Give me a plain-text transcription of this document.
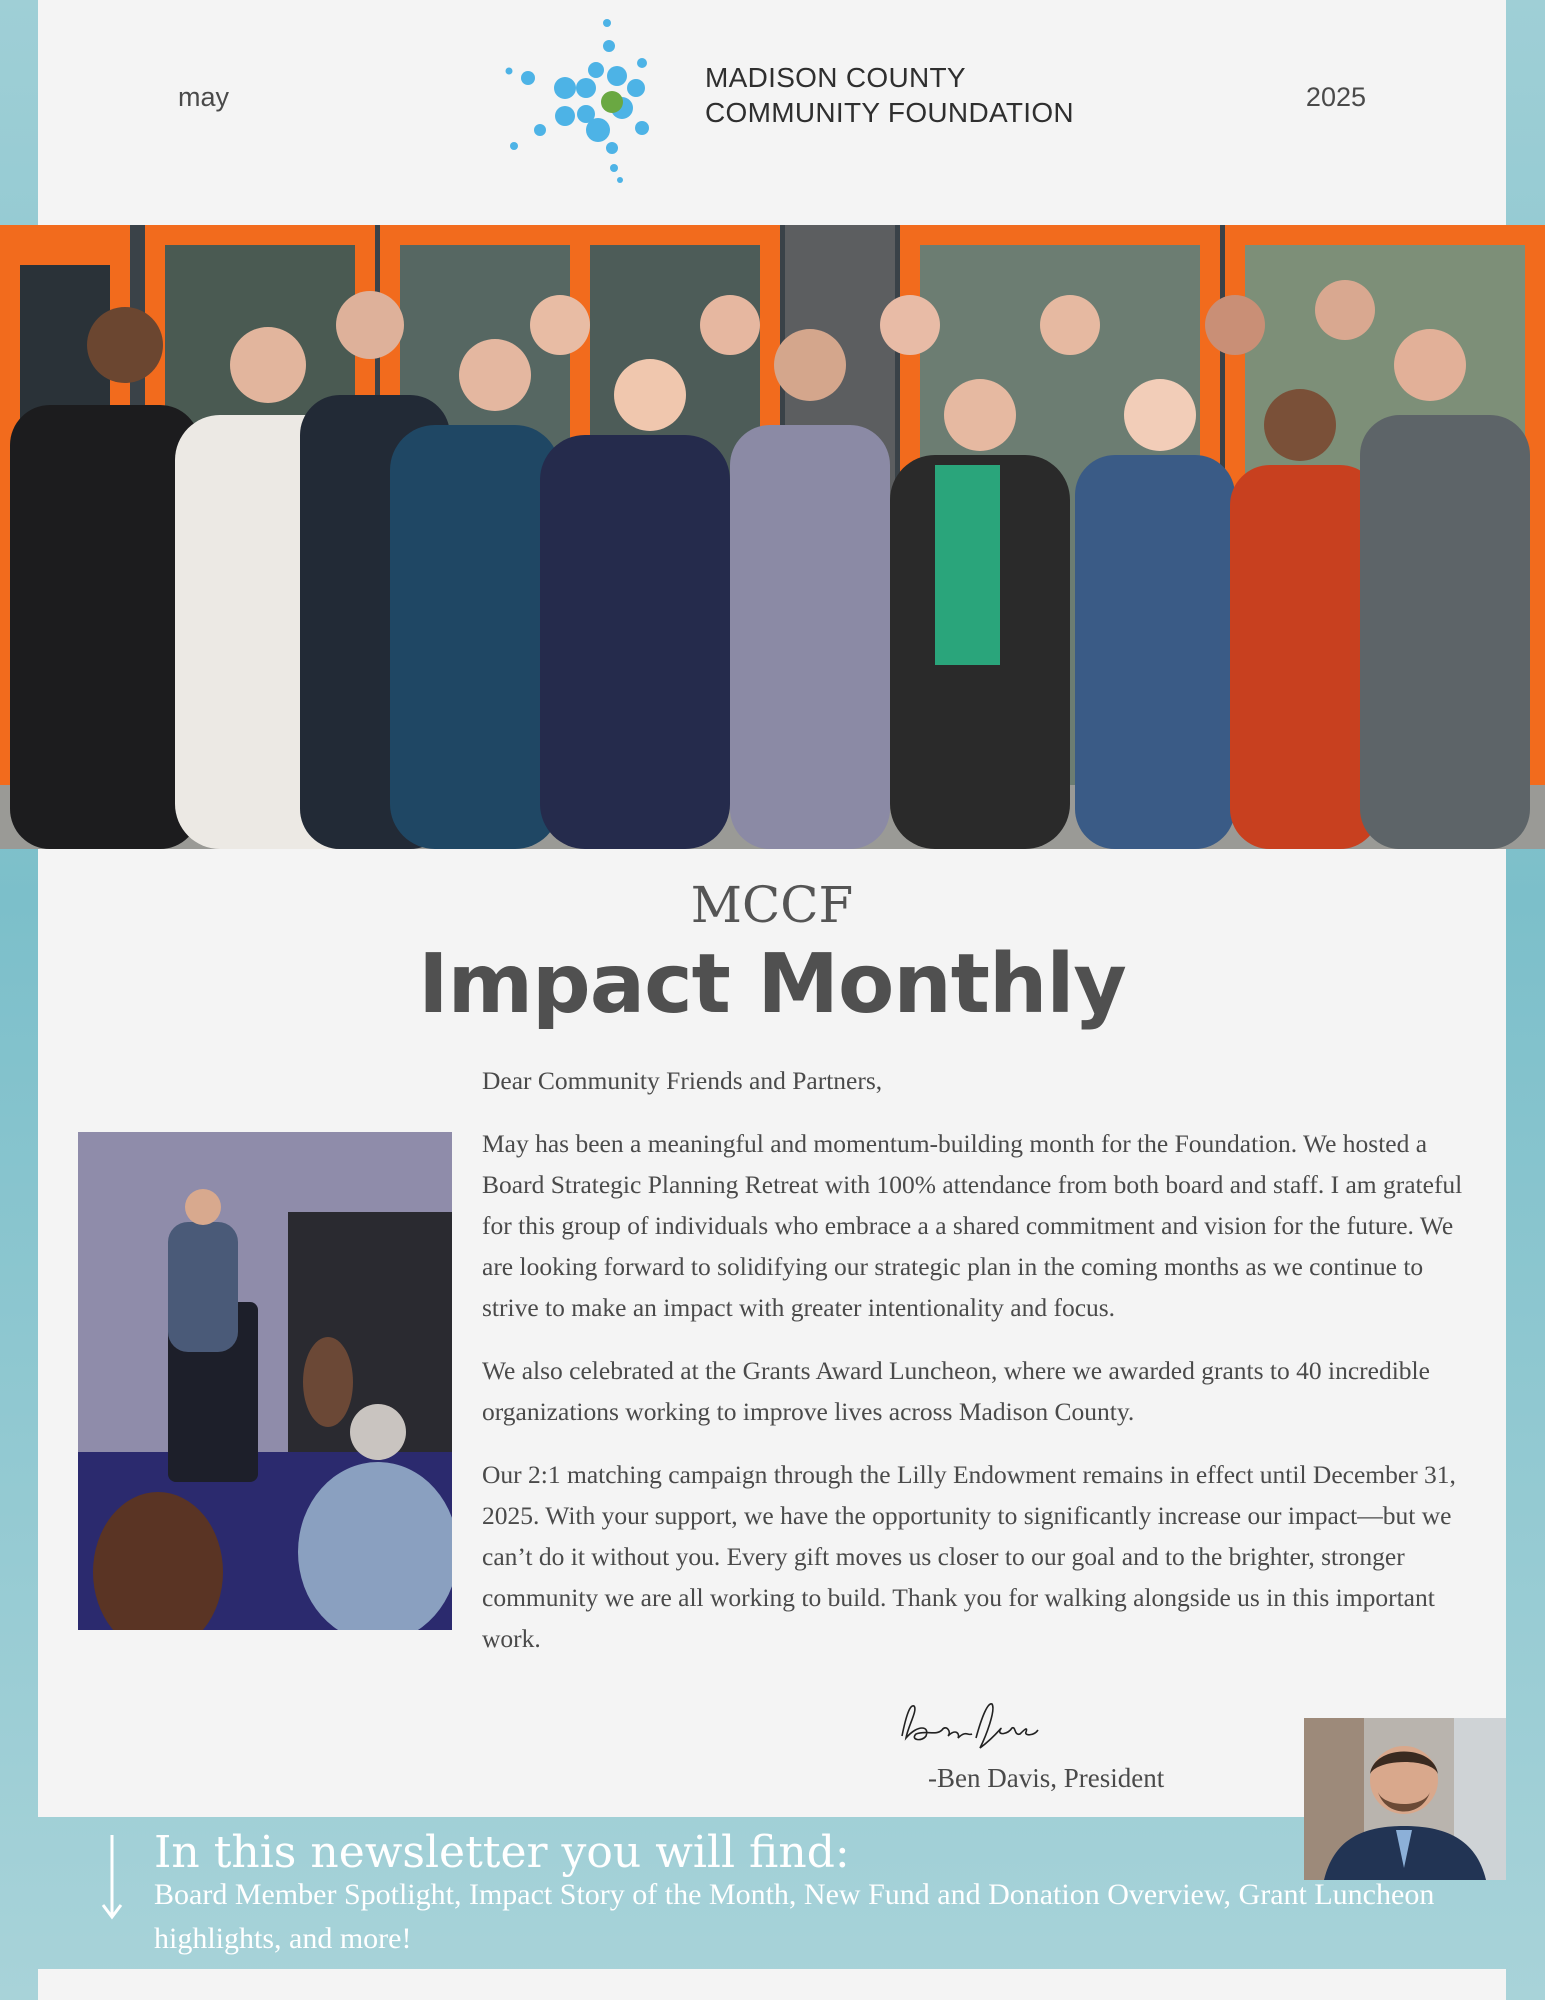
may
MADISON COUNTY
COMMUNITY FOUNDATION	2025
MCCF
Impact Monthly

Dear Community Friends and Partners,

May has been a meaningful and momentum-building month for the Foundation. We hosted a Board Strategic Planning Retreat with 100% attendance from both board and staff. I am grateful for this group of individuals who embrace a a shared commitment and vision for the future. We are looking forward to solidifying our strategic plan in the coming months as we continue to strive to make an impact with greater intentionality and focus.

We also celebrated at the Grants Award Luncheon, where we awarded grants to 40 incredible organizations working to improve lives across Madison County.

Our 2:1 matching campaign through the Lilly Endowment remains in effect until December 31, 2025. With your support, we have the opportunity to significantly increase our impact—but we can’t do it without you. Every gift moves us closer to our goal and to the brighter, stronger community we are all working to build. Thank you for walking alongside us in this important work.

-Ben Davis, President
In this newsletter you will find:
Board Member Spotlight, Impact Story of the Month, New Fund and Donation Overview, Grant Luncheon highlights, and more!
